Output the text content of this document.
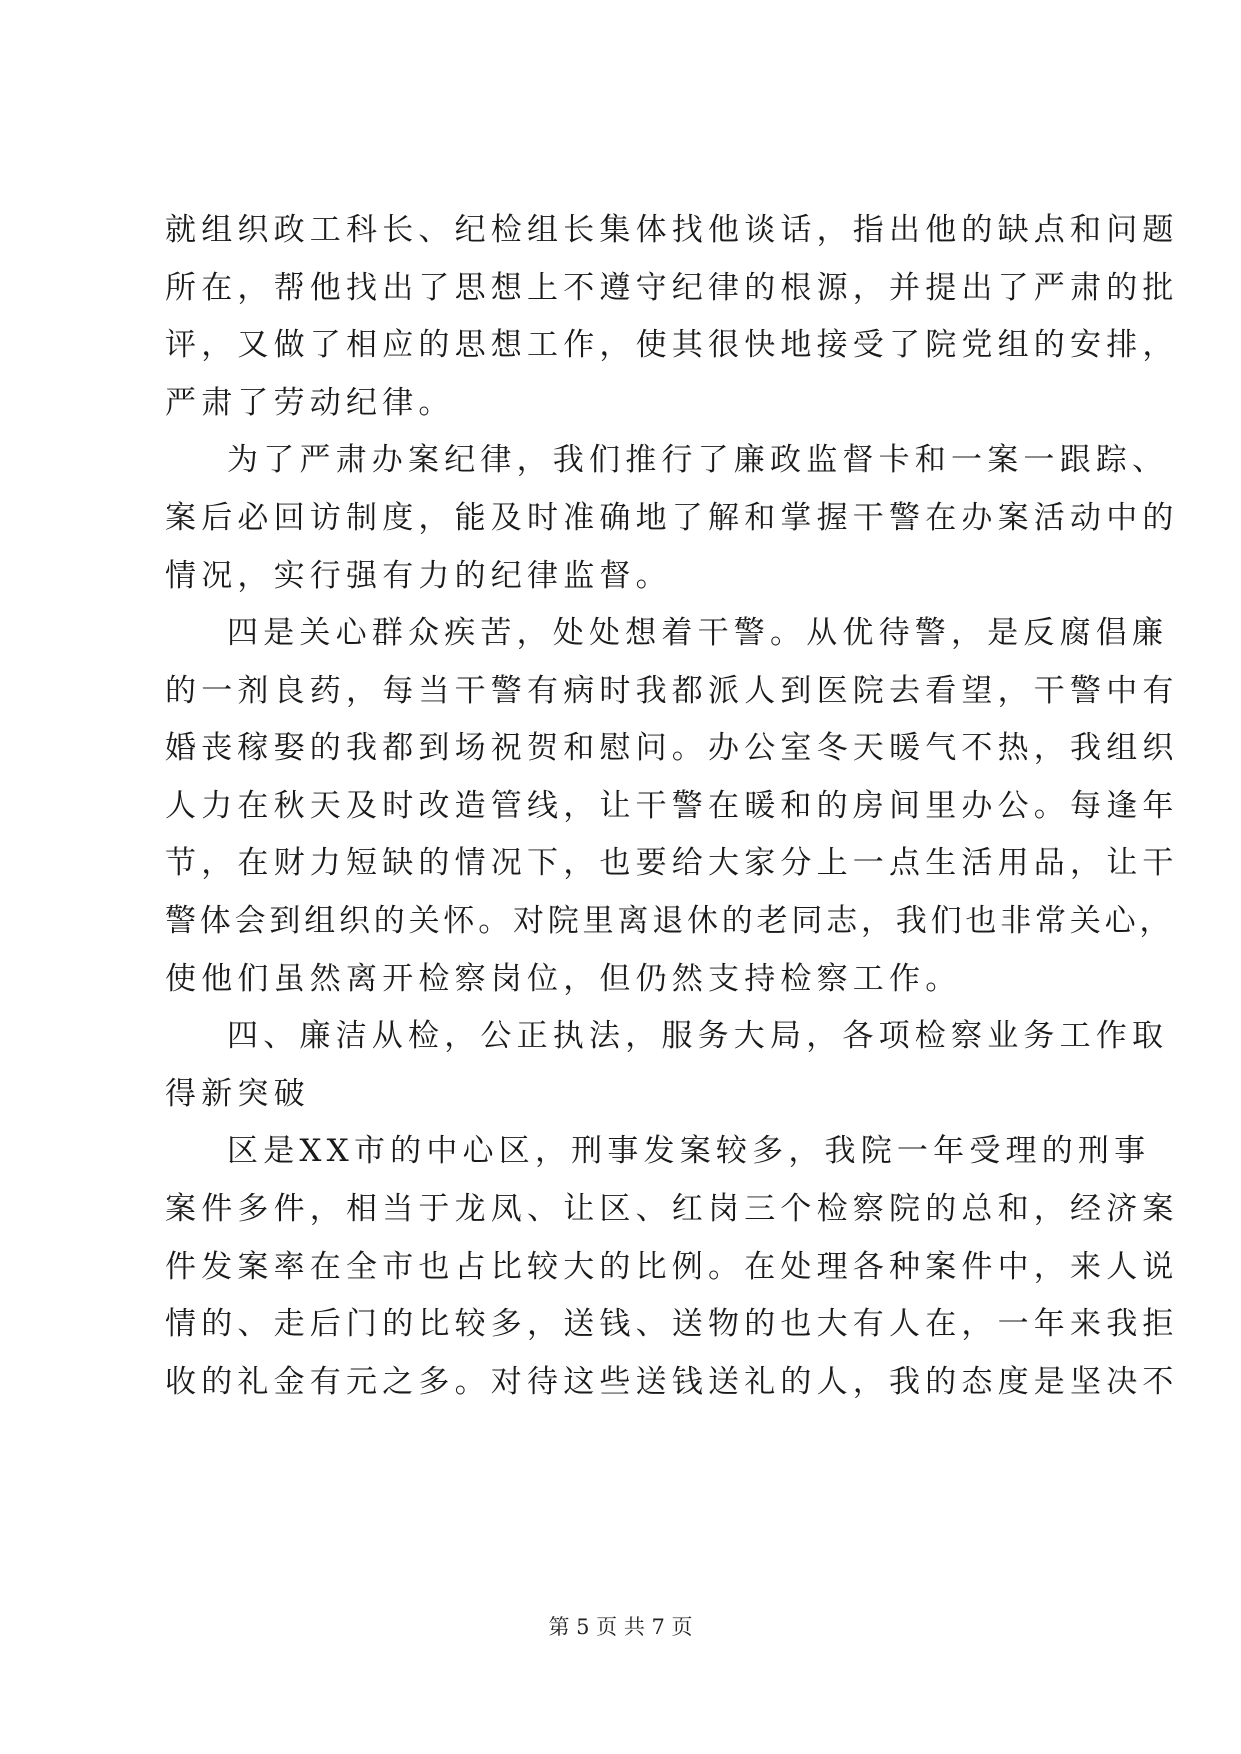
就组织政工科长、纪检组长集体找他谈话，指出他的缺点和问题
所在，帮他找出了思想上不遵守纪律的根源，并提出了严肃的批
评，又做了相应的思想工作，使其很快地接受了院党组的安排，
严肃了劳动纪律。
为了严肃办案纪律，我们推行了廉政监督卡和一案一跟踪、
案后必回访制度，能及时准确地了解和掌握干警在办案活动中的
情况，实行强有力的纪律监督。
四是关心群众疾苦，处处想着干警。从优待警，是反腐倡廉
的一剂良药，每当干警有病时我都派人到医院去看望，干警中有
婚丧稼娶的我都到场祝贺和慰问。办公室冬天暖气不热，我组织
人力在秋天及时改造管线，让干警在暖和的房间里办公。每逢年
节，在财力短缺的情况下，也要给大家分上一点生活用品，让干
警体会到组织的关怀。对院里离退休的老同志，我们也非常关心，
使他们虽然离开检察岗位，但仍然支持检察工作。
四、廉洁从检，公正执法，服务大局，各项检察业务工作取
得新突破
区是XX市的中心区，刑事发案较多，我院一年受理的刑事
案件多件，相当于龙凤、让区、红岗三个检察院的总和，经济案
件发案率在全市也占比较大的比例。在处理各种案件中，来人说
情的、走后门的比较多，送钱、送物的也大有人在，一年来我拒
收的礼金有元之多。对待这些送钱送礼的人，我的态度是坚决不
第 5 页 共 7 页
